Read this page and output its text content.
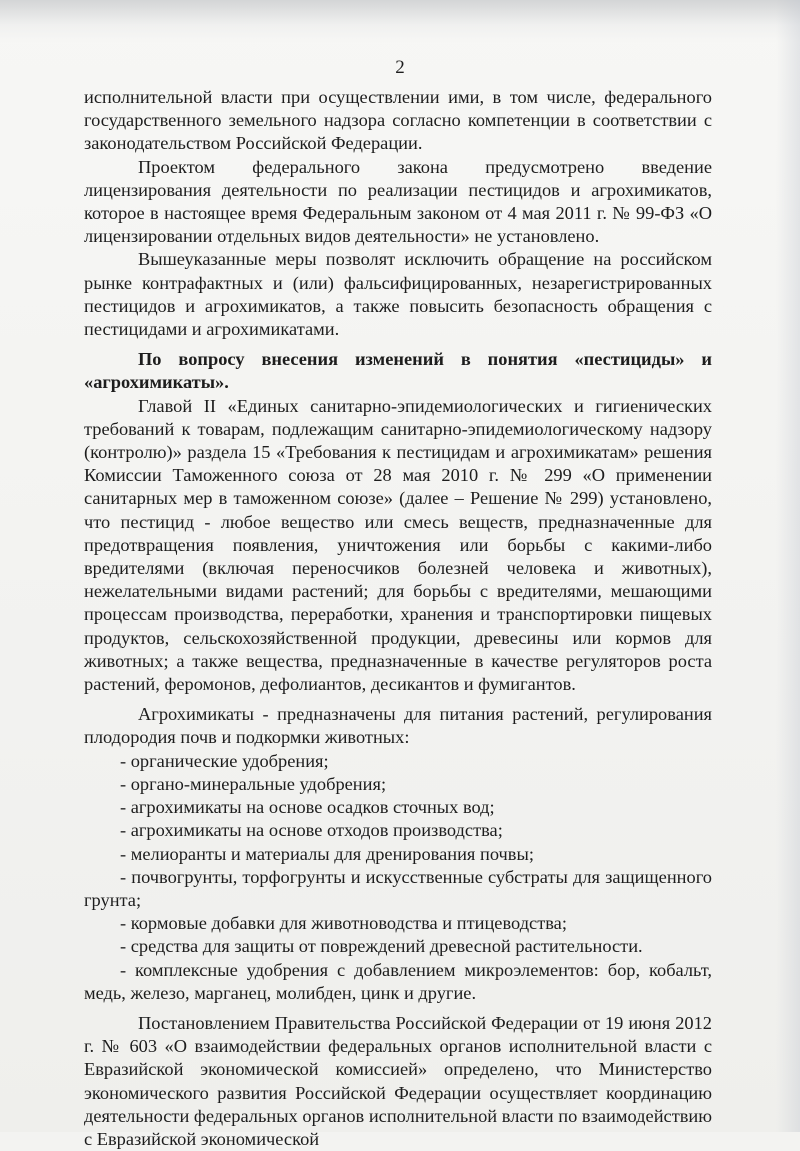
2

исполнительной власти при осуществлении ими, в том числе, федерального государственного земельного надзора согласно компетенции в соответствии с законодательством Российской Федерации.

Проектом федерального закона предусмотрено введение лицензирования деятельности по реализации пестицидов и агрохимикатов, которое в настоящее время Федеральным законом от 4 мая 2011 г. № 99-ФЗ «О лицензировании отдельных видов деятельности» не установлено.

Вышеуказанные меры позволят исключить обращение на российском рынке контрафактных и (или) фальсифицированных, незарегистрированных пестицидов и агрохимикатов, а также повысить безопасность обращения с пестицидами и агрохимикатами.

По вопросу внесения изменений в понятия «пестициды» и «агрохимикаты».

Главой II «Единых санитарно-эпидемиологических и гигиенических требований к товарам, подлежащим санитарно-эпидемиологическому надзору (контролю)» раздела 15 «Требования к пестицидам и агрохимикатам» решения Комиссии Таможенного союза от 28 мая 2010 г. № 299 «О применении санитарных мер в таможенном союзе» (далее – Решение № 299) установлено, что пестицид - любое вещество или смесь веществ, предназначенные для предотвращения появления, уничтожения или борьбы с какими-либо вредителями (включая переносчиков болезней человека и животных), нежелательными видами растений; для борьбы с вредителями, мешающими процессам производства, переработки, хранения и транспортировки пищевых продуктов, сельскохозяйственной продукции, древесины или кормов для животных; а также вещества, предназначенные в качестве регуляторов роста растений, феромонов, дефолиантов, десикантов и фумигантов.

Агрохимикаты - предназначены для питания растений, регулирования плодородия почв и подкормки животных:

- органические удобрения;

- органо-минеральные удобрения;

- агрохимикаты на основе осадков сточных вод;

- агрохимикаты на основе отходов производства;

- мелиоранты и материалы для дренирования почвы;

- почвогрунты, торфогрунты и искусственные субстраты для защищенного грунта;

- кормовые добавки для животноводства и птицеводства;

- средства для защиты от повреждений древесной растительности.

- комплексные удобрения с добавлением микроэлементов: бор, кобальт, медь, железо, марганец, молибден, цинк и другие.

Постановлением Правительства Российской Федерации от 19 июня 2012 г. № 603 «О взаимодействии федеральных органов исполнительной власти с Евразийской экономической комиссией» определено, что Министерство экономического развития Российской Федерации осуществляет координацию деятельности федеральных органов исполнительной власти по взаимодействию с Евразийской экономической
